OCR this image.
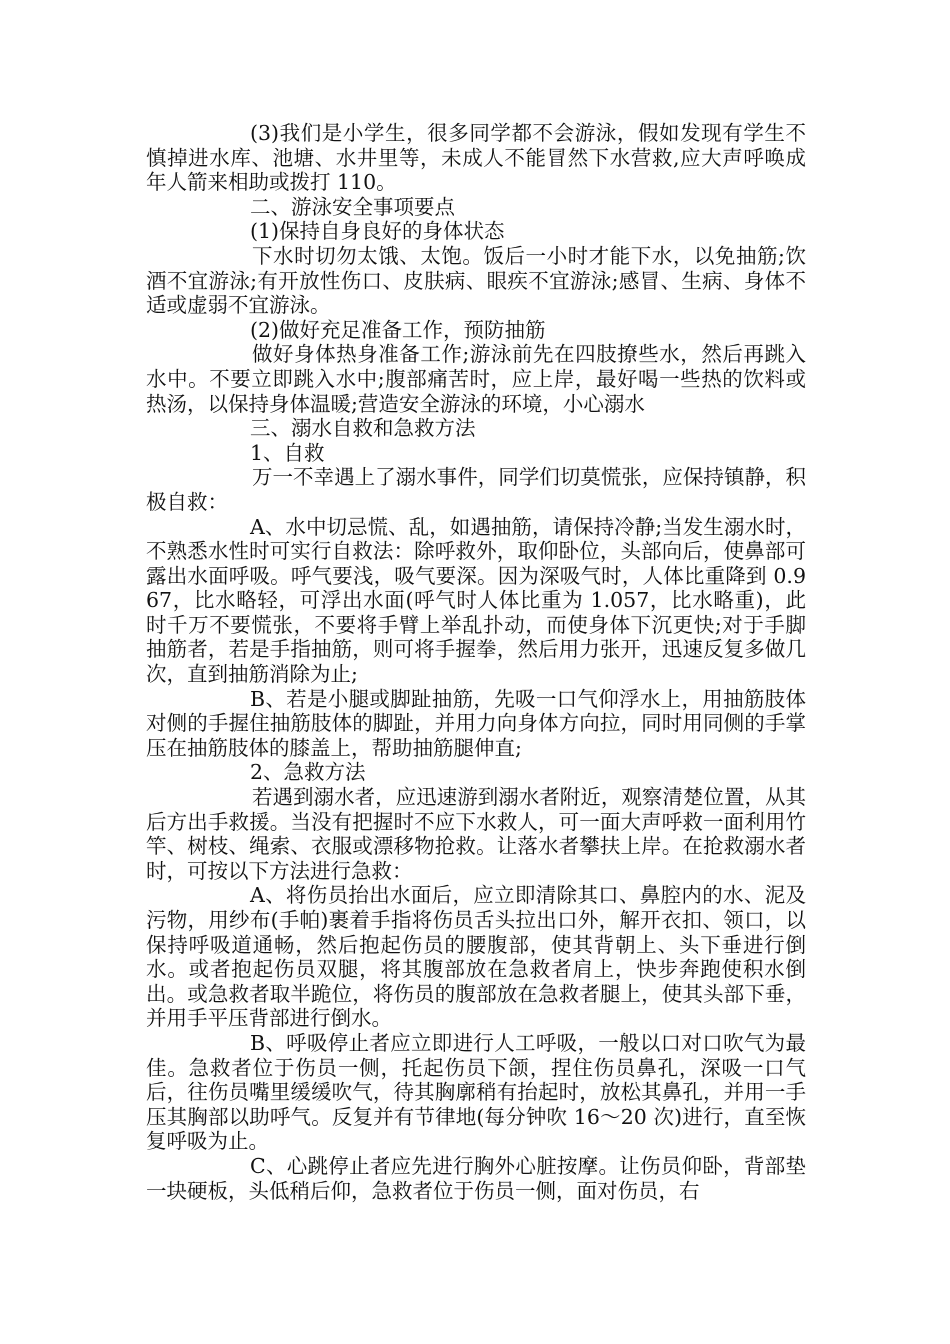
(3)我们是小学生，很多同学都不会游泳，假如发现有学生不慎掉进水库、池塘、水井里等，未成人不能冒然下水营救,应大声呼唤成年人箭来相助或拨打 110。

二、游泳安全事项要点

(1)保持自身良好的身体状态

下水时切勿太饿、太饱。饭后一小时才能下水，以免抽筋;饮酒不宜游泳;有开放性伤口、皮肤病、眼疾不宜游泳;感冒、生病、身体不适或虚弱不宜游泳。

(2)做好充足准备工作，预防抽筋

做好身体热身准备工作;游泳前先在四肢撩些水，然后再跳入水中。不要立即跳入水中;腹部痛苦时，应上岸，最好喝一些热的饮料或热汤，以保持身体温暖;营造安全游泳的环境，小心溺水

三、溺水自救和急救方法

1、自救

万一不幸遇上了溺水事件，同学们切莫慌张，应保持镇静，积极自救：

A、水中切忌慌、乱，如遇抽筋，请保持冷静;当发生溺水时，不熟悉水性时可实行自救法：除呼救外，取仰卧位，头部向后，使鼻部可露出水面呼吸。呼气要浅，吸气要深。因为深吸气时，人体比重降到 0.967，比水略轻，可浮出水面(呼气时人体比重为 1.057，比水略重)，此时千万不要慌张，不要将手臂上举乱扑动，而使身体下沉更快;对于手脚抽筋者，若是手指抽筋，则可将手握拳，然后用力张开，迅速反复多做几次，直到抽筋消除为止;

B、若是小腿或脚趾抽筋，先吸一口气仰浮水上，用抽筋肢体对侧的手握住抽筋肢体的脚趾，并用力向身体方向拉，同时用同侧的手掌压在抽筋肢体的膝盖上，帮助抽筋腿伸直;

2、急救方法

若遇到溺水者，应迅速游到溺水者附近，观察清楚位置，从其后方出手救援。当没有把握时不应下水救人，可一面大声呼救一面利用竹竿、树枝、绳索、衣服或漂移物抢救。让落水者攀扶上岸。在抢救溺水者时，可按以下方法进行急救：

A、将伤员抬出水面后，应立即清除其口、鼻腔内的水、泥及污物，用纱布(手帕)裹着手指将伤员舌头拉出口外，解开衣扣、领口，以保持呼吸道通畅，然后抱起伤员的腰腹部，使其背朝上、头下垂进行倒水。或者抱起伤员双腿，将其腹部放在急救者肩上，快步奔跑使积水倒出。或急救者取半跪位，将伤员的腹部放在急救者腿上，使其头部下垂，并用手平压背部进行倒水。

B、呼吸停止者应立即进行人工呼吸，一般以口对口吹气为最佳。急救者位于伤员一侧，托起伤员下颌，捏住伤员鼻孔，深吸一口气后，往伤员嘴里缓缓吹气，待其胸廓稍有抬起时，放松其鼻孔，并用一手压其胸部以助呼气。反复并有节律地(每分钟吹 16～20 次)进行，直至恢复呼吸为止。

C、心跳停止者应先进行胸外心脏按摩。让伤员仰卧，背部垫一块硬板，头低稍后仰，急救者位于伤员一侧，面对伤员，右
